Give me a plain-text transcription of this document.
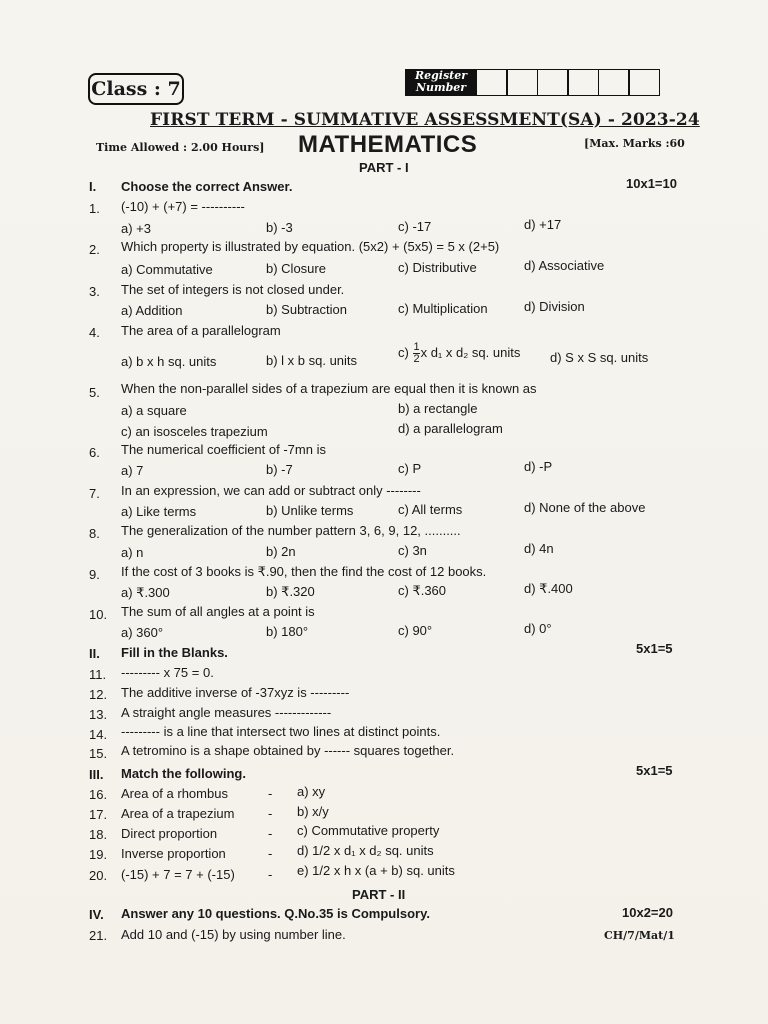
Class : 7
Register
Number
FIRST TERM - SUMMATIVE ASSESSMENT(SA) - 2023-24
Time Allowed : 2.00 Hours] MATHEMATICS	[Max. Marks :60
PART - I
I. Choose the correct Answer.	10x1=10
1. (-10) + (+7) = ----------
a) +3	b) -3	c) -17	d) +17
2. Which property is illustrated by equation. (5x2) + (5x5) = 5 x (2+5)
a) Commutative	b) Closure	c) Distributive	d) Associative
3. The set of integers is not closed under.
a) Addition	b) Subtraction	c) Multiplication	d) Division
4. The area of a parallelogram
a) b x h sq. units	b) l x b sq. units
$c) \frac{1}{2}$ x d₁ x d₂ sq. units d) S x S sq. units
5. When the non-parallel sides of a trapezium are equal then it is known as
a) a square	b) a rectangle
c) an isosceles trapezium	d) a parallelogram
6. The numerical coefficient of -7mn is
a) 7	b) -7	c) P	d) -P
7. In an expression, we can add or subtract only --------
a) Like terms	b) Unlike terms	c) All terms	d) None of the above
8. The generalization of the number pattern 3, 6, 9, 12, ..........
a) n	b) 2n	c) 3n	d) 4n
9. If the cost of 3 books is ₹.90, then the find the cost of 12 books.
a) ₹.300	b) ₹.320	c) ₹.360	d) ₹.400
10. The sum of all angles at a point is
a) 360°	b) 180°	c) 90°	d) 0°
II. Fill in the Blanks.	5x1=5
11. --------- x 75 = 0.
12. The additive inverse of -37xyz is ---------
13. A straight angle measures -------------
14. --------- is a line that intersect two lines at distinct points.
15. A tetromino is a shape obtained by ------ squares together.
III. Match the following.	5x1=5
16. Area of a rhombus	- a) xy
17. Area of a trapezium	- b) x/y
18. Direct proportion	- c) Commutative property
19. Inverse proportion	- d) 1/2 x d₁ x d₂ sq. units
20. (-15) + 7 = 7 + (-15)	- e) 1/2 x h x (a + b) sq. units
PART - II
IV. Answer any 10 questions. Q.No.35 is Compulsory.	10x2=20
21. Add 10 and (-15) by using number line.	CH/7/Mat/1
